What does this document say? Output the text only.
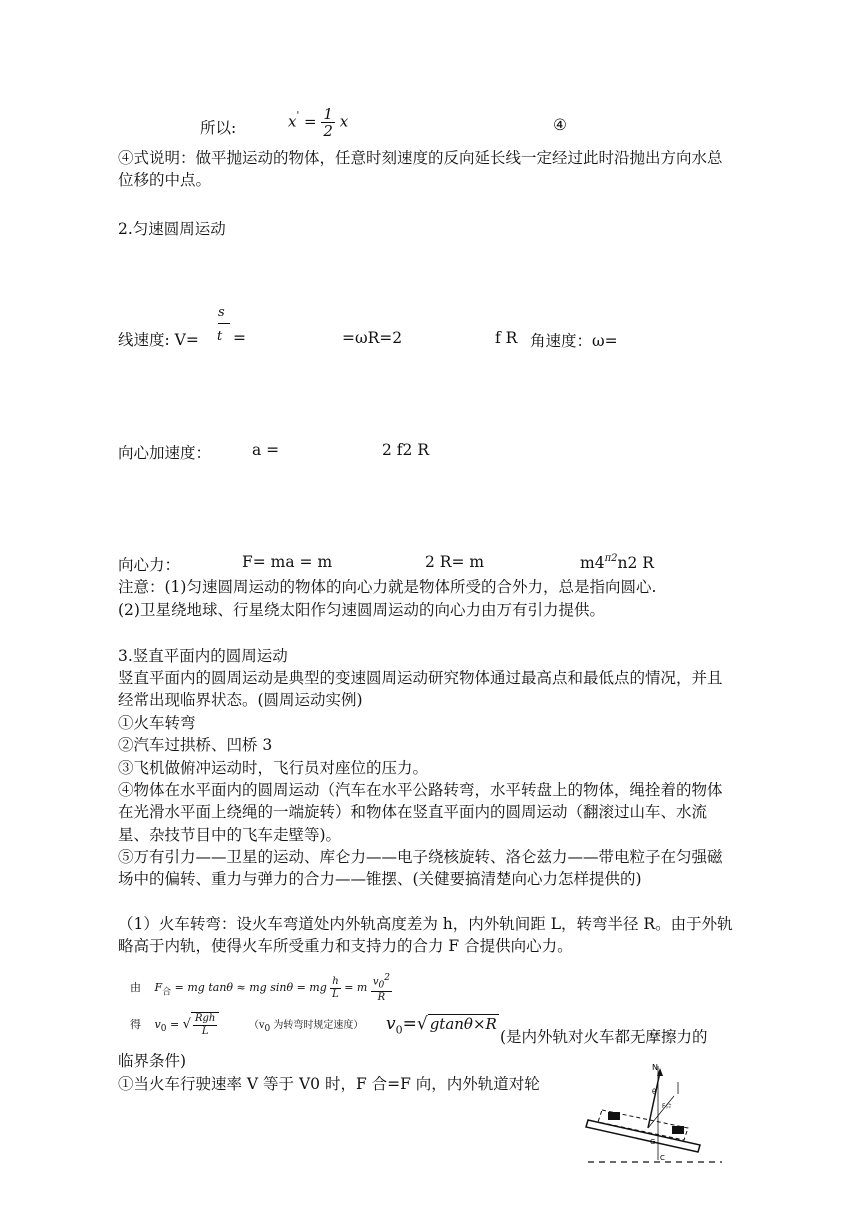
所以:	$x' = \frac{1}{2}$ x	④
④式说明：做平抛运动的物体，任意时刻速度的反向延长线一定经过此时沿抛出方向水总位移的中点。
2.匀速圆周运动
s
线速度: V= t =	=ωR=2	f R 角速度：ω=
向心加速度：	a =	2 f2 R
向心力：	F= ma = m	2 R= m	$m4^{\pi 2}n2$ R
注意：(1)匀速圆周运动的物体的向心力就是物体所受的合外力，总是指向圆心.
(2)卫星绕地球、行星绕太阳作匀速圆周运动的向心力由万有引力提供。
3.竖直平面内的圆周运动
竖直平面内的圆周运动是典型的变速圆周运动研究物体通过最高点和最低点的情况，并且经常出现临界状态。(圆周运动实例)
①火车转弯
②汽车过拱桥、凹桥 3
③飞机做俯冲运动时，飞行员对座位的压力。
④物体在水平面内的圆周运动（汽车在水平公路转弯，水平转盘上的物体，绳拴着的物体在光滑水平面上绕绳的一端旋转）和物体在竖直平面内的圆周运动（翻滚过山车、水流星、杂技节目中的飞车走壁等)。
⑤万有引力——卫星的运动、库仑力——电子绕核旋转、洛仑兹力——带电粒子在匀强磁场中的偏转、重力与弹力的合力——锥摆、(关健要搞清楚向心力怎样提供的)
（1）火车转弯：设火车弯道处内外轨高度差为 h，内外轨间距 L，转弯半径 R。由于外轨略高于内轨，使得火车所受重力和支持力的合力 F 合提供向心力。
由 $F_合$ = mg tanθ ≈ mg sinθ = mg $\frac{h}{L} = m \frac{v_0^2}{R}$
得 $v_0$ = √ $\frac{\text{Rgh}}{L}$	（$v_0$ 为转弯时规定速度） $v_0=√$ gtanθ×R
(是内外轨对火车都无摩擦力的
临界条件)
①当火车行驶速率 V 等于 V0 时，F 合=F 向，内外轨道对轮
N
θ
F合
G
C
